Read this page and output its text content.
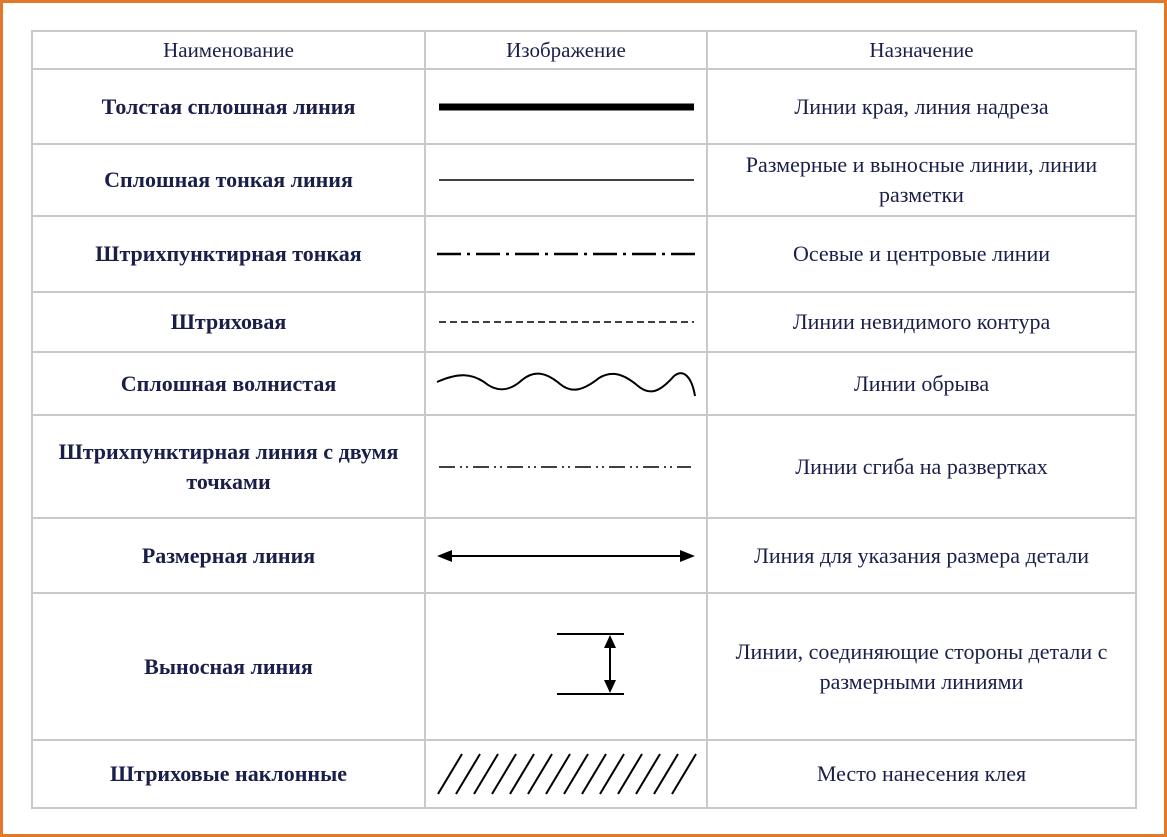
Наименование	Изображение	Назначение
Толстая сплошная линия		Линии края, линия надреза
Сплошная тонкая линия		Размерные и выносные линии, линии разметки
Штрихпунктирная тонкая		Осевые и центровые линии
Штриховая		Линии невидимого контура
Сплошная волнистая		Линии обрыва
Штрихпунктирная линия с двумя точками		Линии сгиба на развертках
Размерная линия		Линия для указания размера детали
Выносная линия		Линии, соединяющие стороны детали с размерными линиями
Штриховые наклонные		Место нанесения клея
